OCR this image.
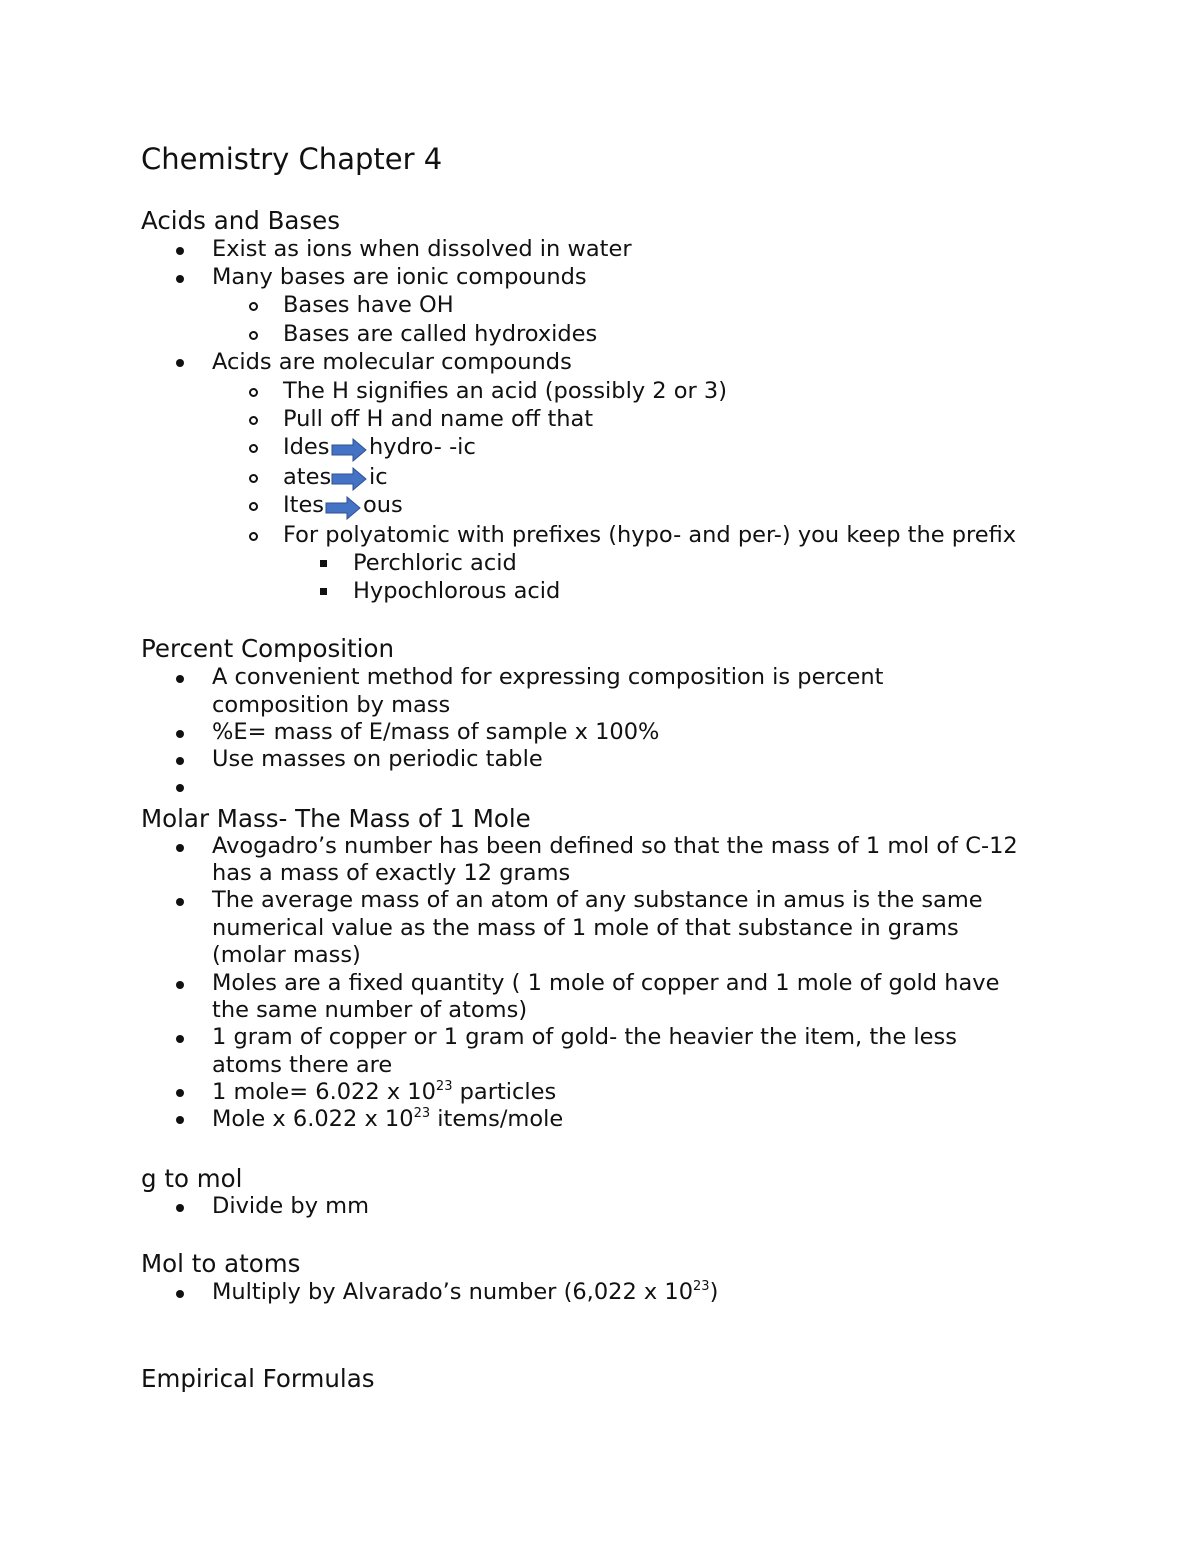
Chemistry Chapter 4
Acids and Bases
Exist as ions when dissolved in water
Many bases are ionic compounds
Bases have OH
Bases are called hydroxides
Acids are molecular compounds
The H signifies an acid (possibly 2 or 3)
Pull off H and name off that
Ides hydro- -ic
ates ic
Ites ous
For polyatomic with prefixes (hypo- and per-) you keep the prefix
Perchloric acid
Hypochlorous acid
Percent Composition
A convenient method for expressing composition is percent
composition by mass
%E= mass of E/mass of sample x 100%
Use masses on periodic table
Molar Mass- The Mass of 1 Mole
Avogadro’s number has been defined so that the mass of 1 mol of C-12
has a mass of exactly 12 grams
The average mass of an atom of any substance in amus is the same
numerical value as the mass of 1 mole of that substance in grams
(molar mass)
Moles are a fixed quantity ( 1 mole of copper and 1 mole of gold have
the same number of atoms)
1 gram of copper or 1 gram of gold- the heavier the item, the less
atoms there are
1 mole= 6.022 x $10^{23}$ particles
Mole x 6.022 x $10^{23}$ items/mole
g to mol
Divide by mm
Mol to atoms
Multiply by Alvarado’s number (6,022 x $10^{23}$)
Empirical Formulas
